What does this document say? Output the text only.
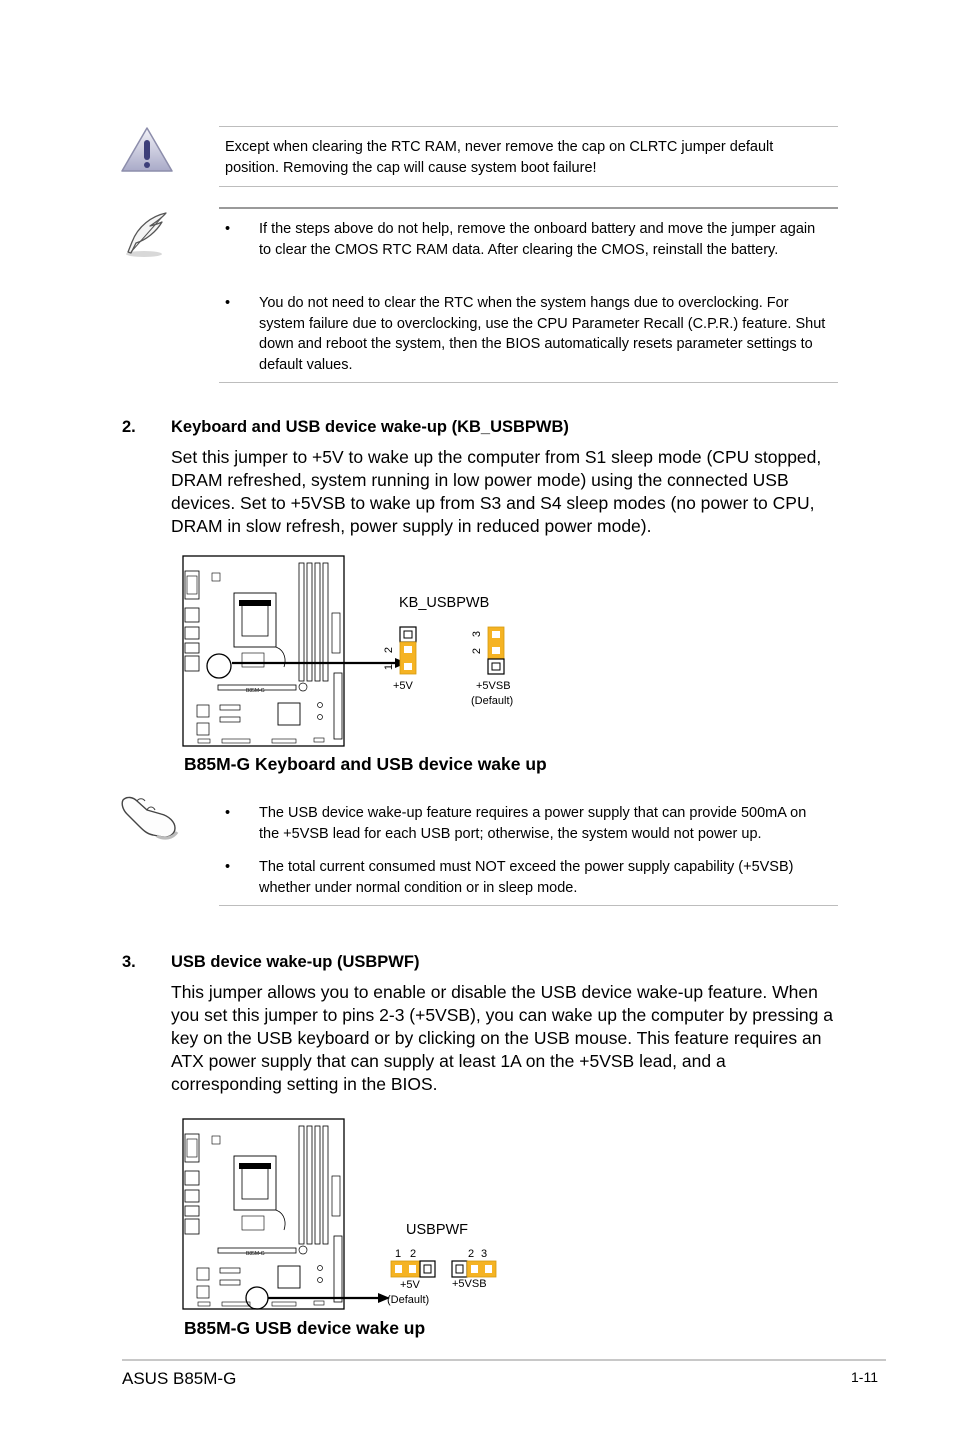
Except when clearing the RTC RAM, never remove the cap on CLRTC jumper default position. Removing the cap will cause system boot failure!
•	If the steps above do not help, remove the onboard battery and move the jumper again to clear the CMOS RTC RAM data. After clearing the CMOS, reinstall the battery.
•	You do not need to clear the RTC when the system hangs due to overclocking. For system failure due to overclocking, use the CPU Parameter Recall (C.P.R.) feature. Shut down and reboot the system, then the BIOS automatically resets parameter settings to default values.
2. Keyboard and USB device wake-up (KB_USBPWB)
Set this jumper to +5V to wake up the computer from S1 sleep mode (CPU stopped, DRAM refreshed, system running in low power mode) using the connected USB devices. Set to +5VSB to wake up from S3 and S4 sleep modes (no power to CPU, DRAM in slow refresh, power supply in reduced power mode).
B85M-G
KB_USBPWB
1
2	2
3
+5V	+5VSB
(Default)
B85M-G Keyboard and USB device wake up
•	The USB device wake-up feature requires a power supply that can provide 500mA on the +5VSB lead for each USB port; otherwise, the system would not power up.
•	The total current consumed must NOT exceed the power supply capability (+5VSB) whether under normal condition or in sleep mode.
3. USB device wake-up (USBPWF)
This jumper allows you to enable or disable the USB device wake-up feature. When you set this jumper to pins 2-3 (+5VSB), you can wake up the computer by pressing a key on the USB keyboard or by clicking on the USB mouse. This feature requires an ATX power supply that can supply at least 1A on the +5VSB lead, and a corresponding setting in the BIOS.
B85M-G
USBPWF
1 2	2 3
+5V
(Default)
+5VSB
B85M-G USB device wake up
ASUS B85M-G	1-11
